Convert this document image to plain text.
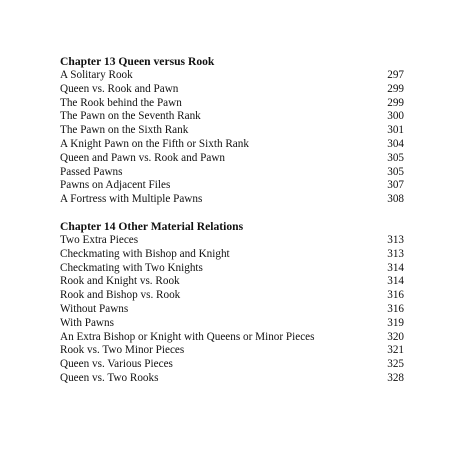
Chapter 13 Queen versus Rook
A Solitary Rook	297
Queen vs. Rook and Pawn	299
The Rook behind the Pawn	299
The Pawn on the Seventh Rank	300
The Pawn on the Sixth Rank	301
A Knight Pawn on the Fifth or Sixth Rank	304
Queen and Pawn vs. Rook and Pawn	305
Passed Pawns	305
Pawns on Adjacent Files	307
A Fortress with Multiple Pawns	308
Chapter 14 Other Material Relations
Two Extra Pieces	313
Checkmating with Bishop and Knight	313
Checkmating with Two Knights	314
Rook and Knight vs. Rook	314
Rook and Bishop vs. Rook	316
Without Pawns	316
With Pawns	319
An Extra Bishop or Knight with Queens or Minor Pieces	320
Rook vs. Two Minor Pieces	321
Queen vs. Various Pieces	325
Queen vs. Two Rooks	328
